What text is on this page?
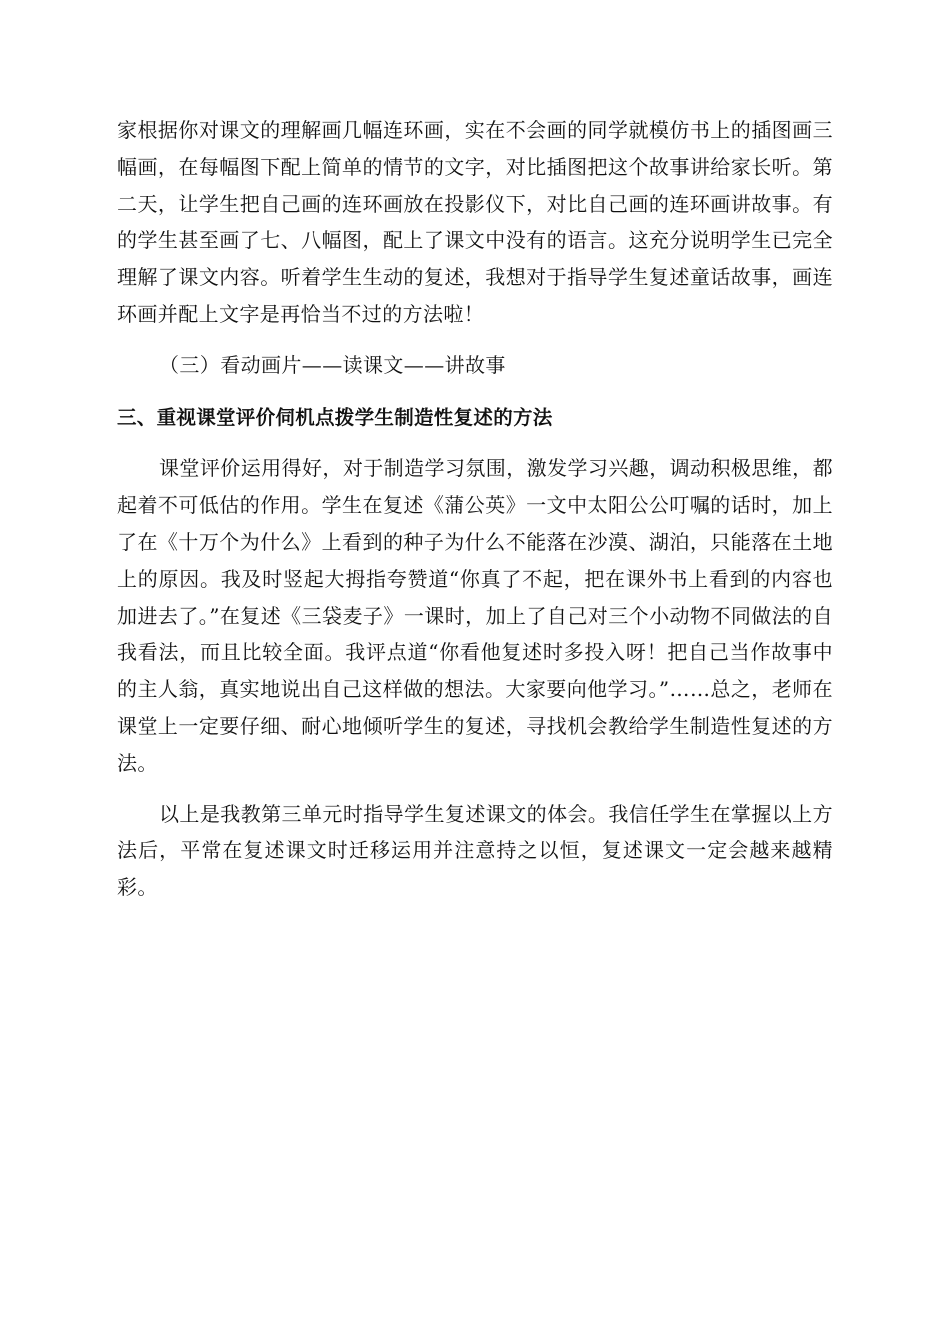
家根据你对课文的理解画几幅连环画，实在不会画的同学就模仿书上的插图画三幅画，在每幅图下配上简单的情节的文字，对比插图把这个故事讲给家长听。第二天，让学生把自己画的连环画放在投影仪下，对比自己画的连环画讲故事。有的学生甚至画了七、八幅图，配上了课文中没有的语言。这充分说明学生已完全理解了课文内容。听着学生生动的复述，我想对于指导学生复述童话故事，画连环画并配上文字是再恰当不过的方法啦！

（三）看动画片——读课文——讲故事

三、重视课堂评价伺机点拨学生制造性复述的方法

课堂评价运用得好，对于制造学习氛围，激发学习兴趣，调动积极思维，都起着不可低估的作用。学生在复述《蒲公英》一文中太阳公公叮嘱的话时，加上了在《十万个为什么》上看到的种子为什么不能落在沙漠、湖泊，只能落在土地上的原因。我及时竖起大拇指夸赞道“你真了不起，把在课外书上看到的内容也加进去了。”在复述《三袋麦子》一课时，加上了自己对三个小动物不同做法的自我看法，而且比较全面。我评点道“你看他复述时多投入呀！把自己当作故事中的主人翁，真实地说出自己这样做的想法。大家要向他学习。”……总之，老师在课堂上一定要仔细、耐心地倾听学生的复述，寻找机会教给学生制造性复述的方法。

以上是我教第三单元时指导学生复述课文的体会。我信任学生在掌握以上方法后，平常在复述课文时迁移运用并注意持之以恒，复述课文一定会越来越精彩。
